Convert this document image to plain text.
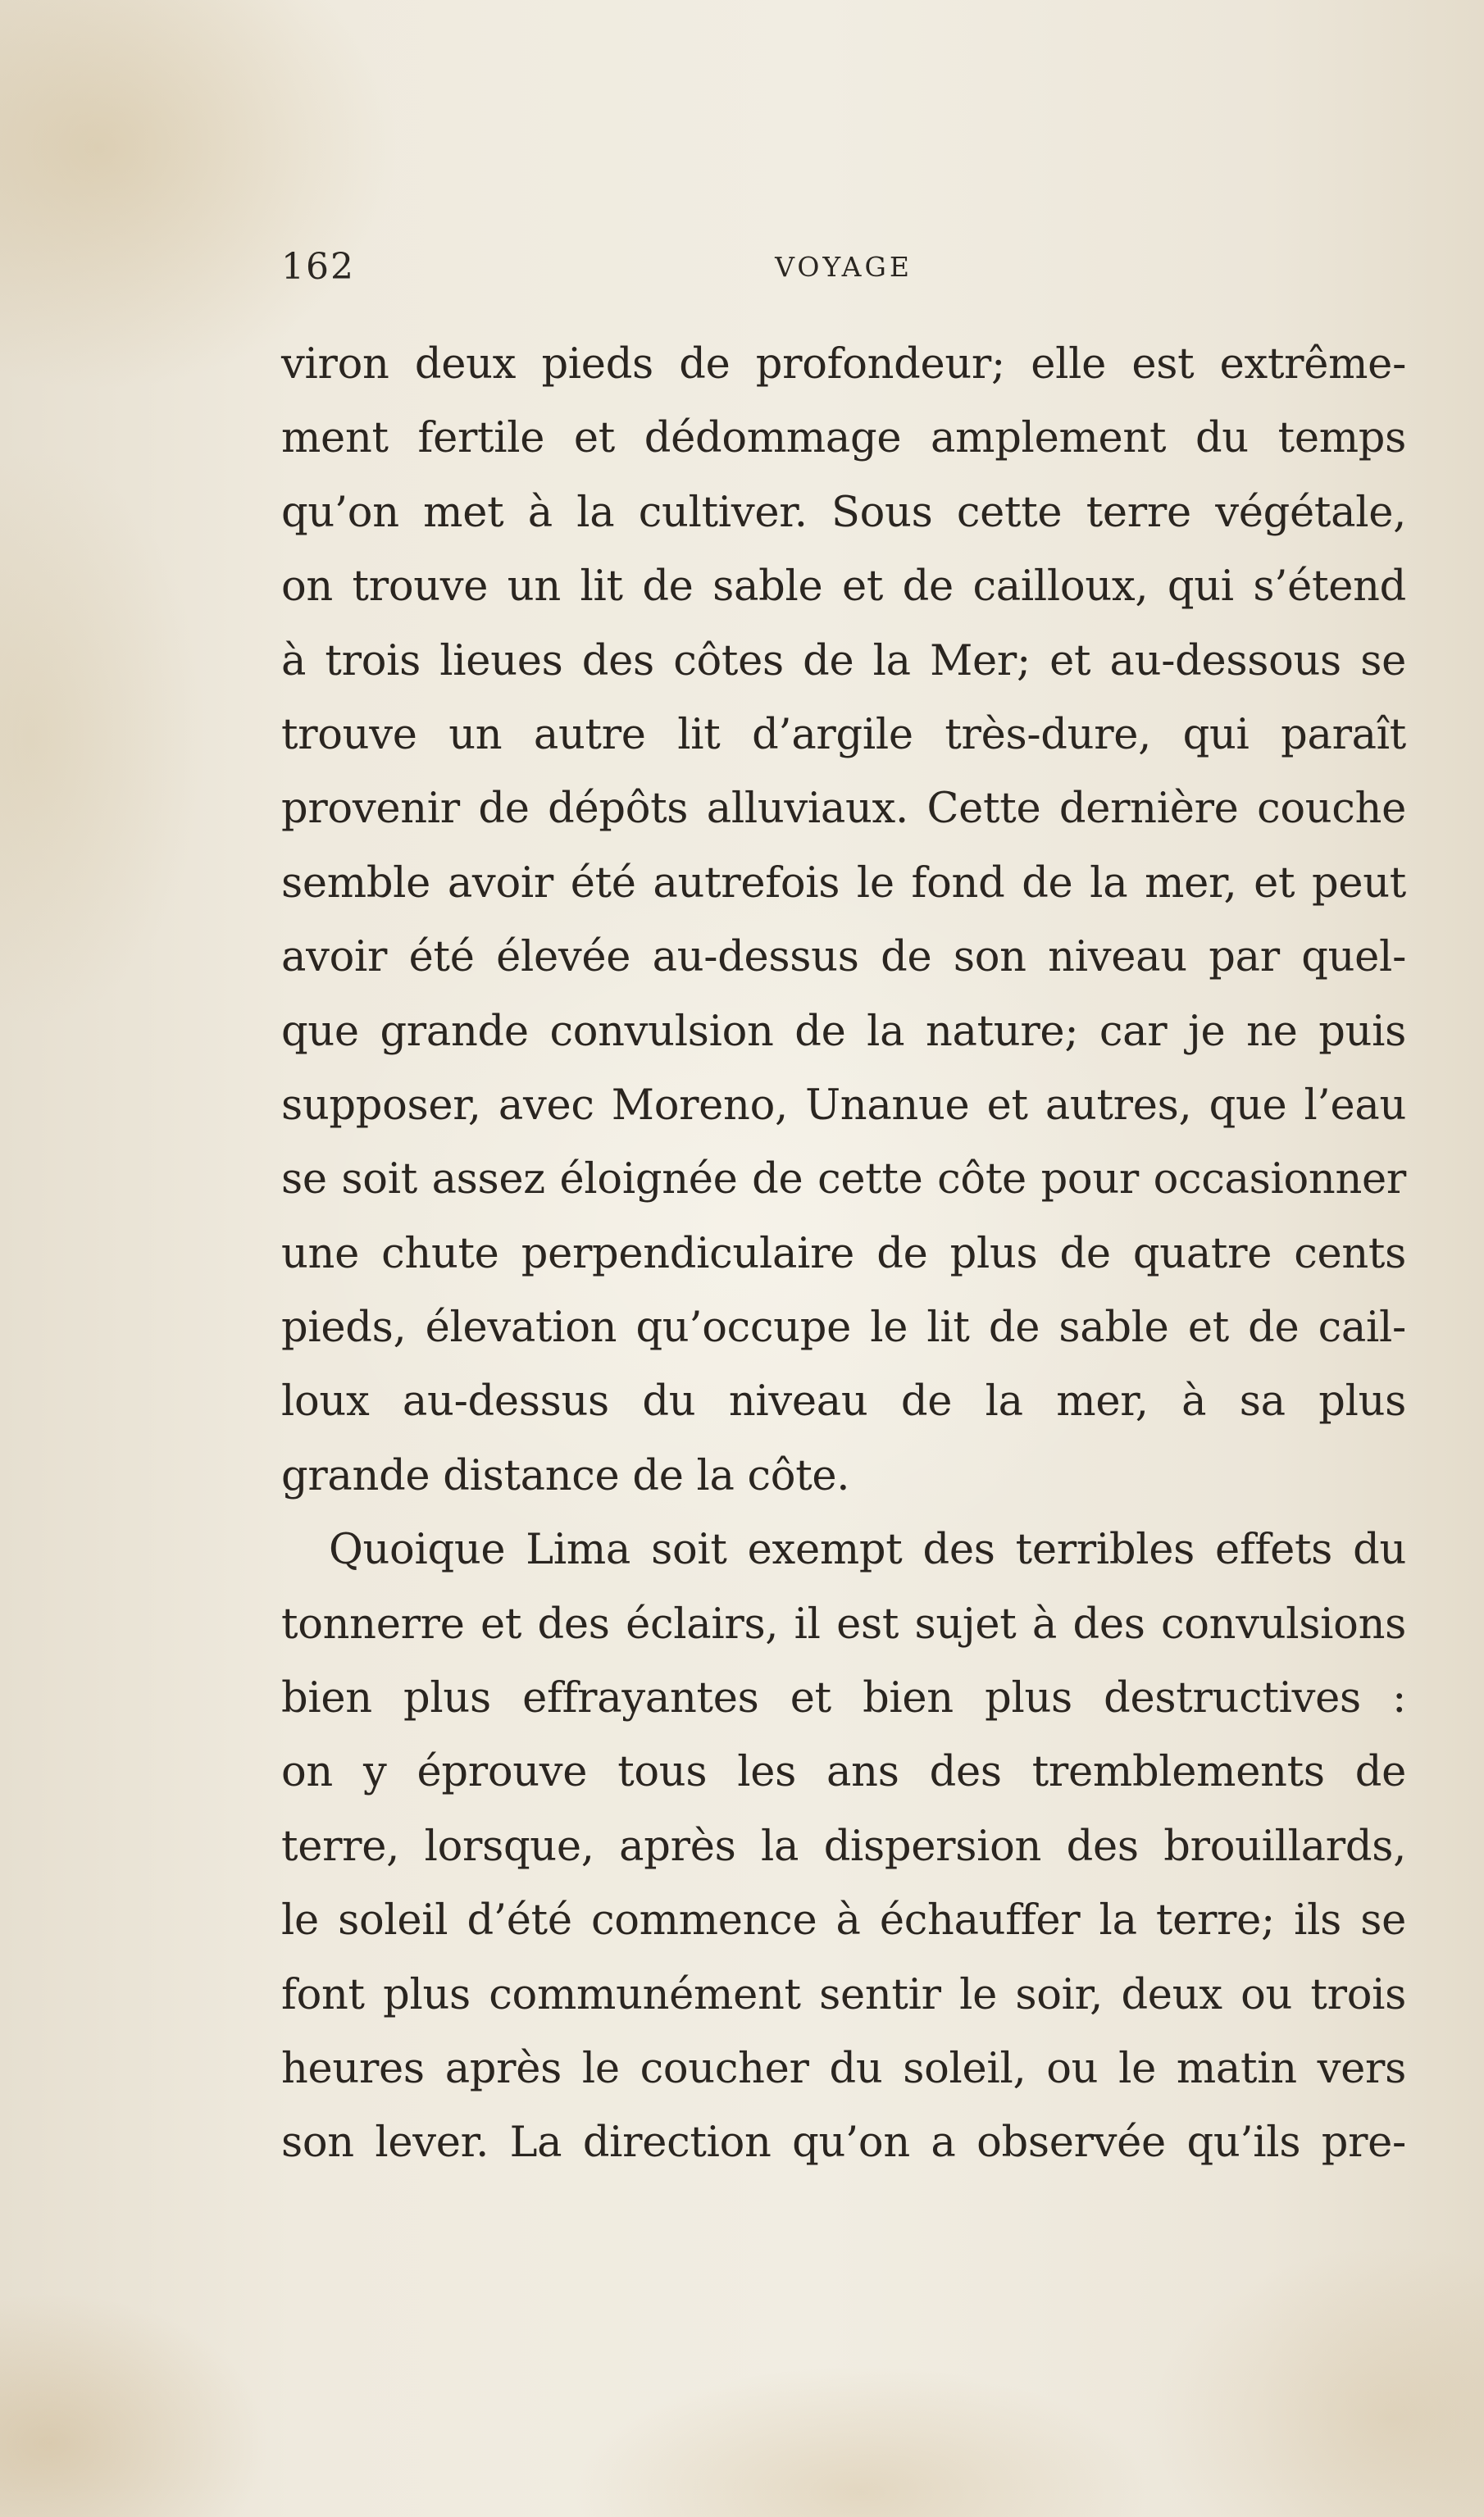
162	VOYAGE
viron deux pieds de profondeur; elle est extrême-
ment fertile et dédommage amplement du temps
qu’on met à la cultiver. Sous cette terre végétale,
on trouve un lit de sable et de cailloux, qui s’étend
à trois lieues des côtes de la Mer; et au-dessous se
trouve un autre lit d’argile très-dure, qui paraît
provenir de dépôts alluviaux. Cette dernière couche
semble avoir été autrefois le fond de la mer, et peut
avoir été élevée au-dessus de son niveau par quel-
que grande convulsion de la nature; car je ne puis
supposer, avec Moreno, Unanue et autres, que l’eau
se soit assez éloignée de cette côte pour occasionner
une chute perpendiculaire de plus de quatre cents
pieds, élevation qu’occupe le lit de sable et de cail-
loux au-dessus du niveau de la mer, à sa plus
grande distance de la côte.
Quoique Lima soit exempt des terribles effets du
tonnerre et des éclairs, il est sujet à des convulsions
bien plus effrayantes et bien plus destructives :
on y éprouve tous les ans des tremblements de
terre, lorsque, après la dispersion des brouillards,
le soleil d’été commence à échauffer la terre; ils se
font plus communément sentir le soir, deux ou trois
heures après le coucher du soleil, ou le matin vers
son lever. La direction qu’on a observée qu’ils pre-
